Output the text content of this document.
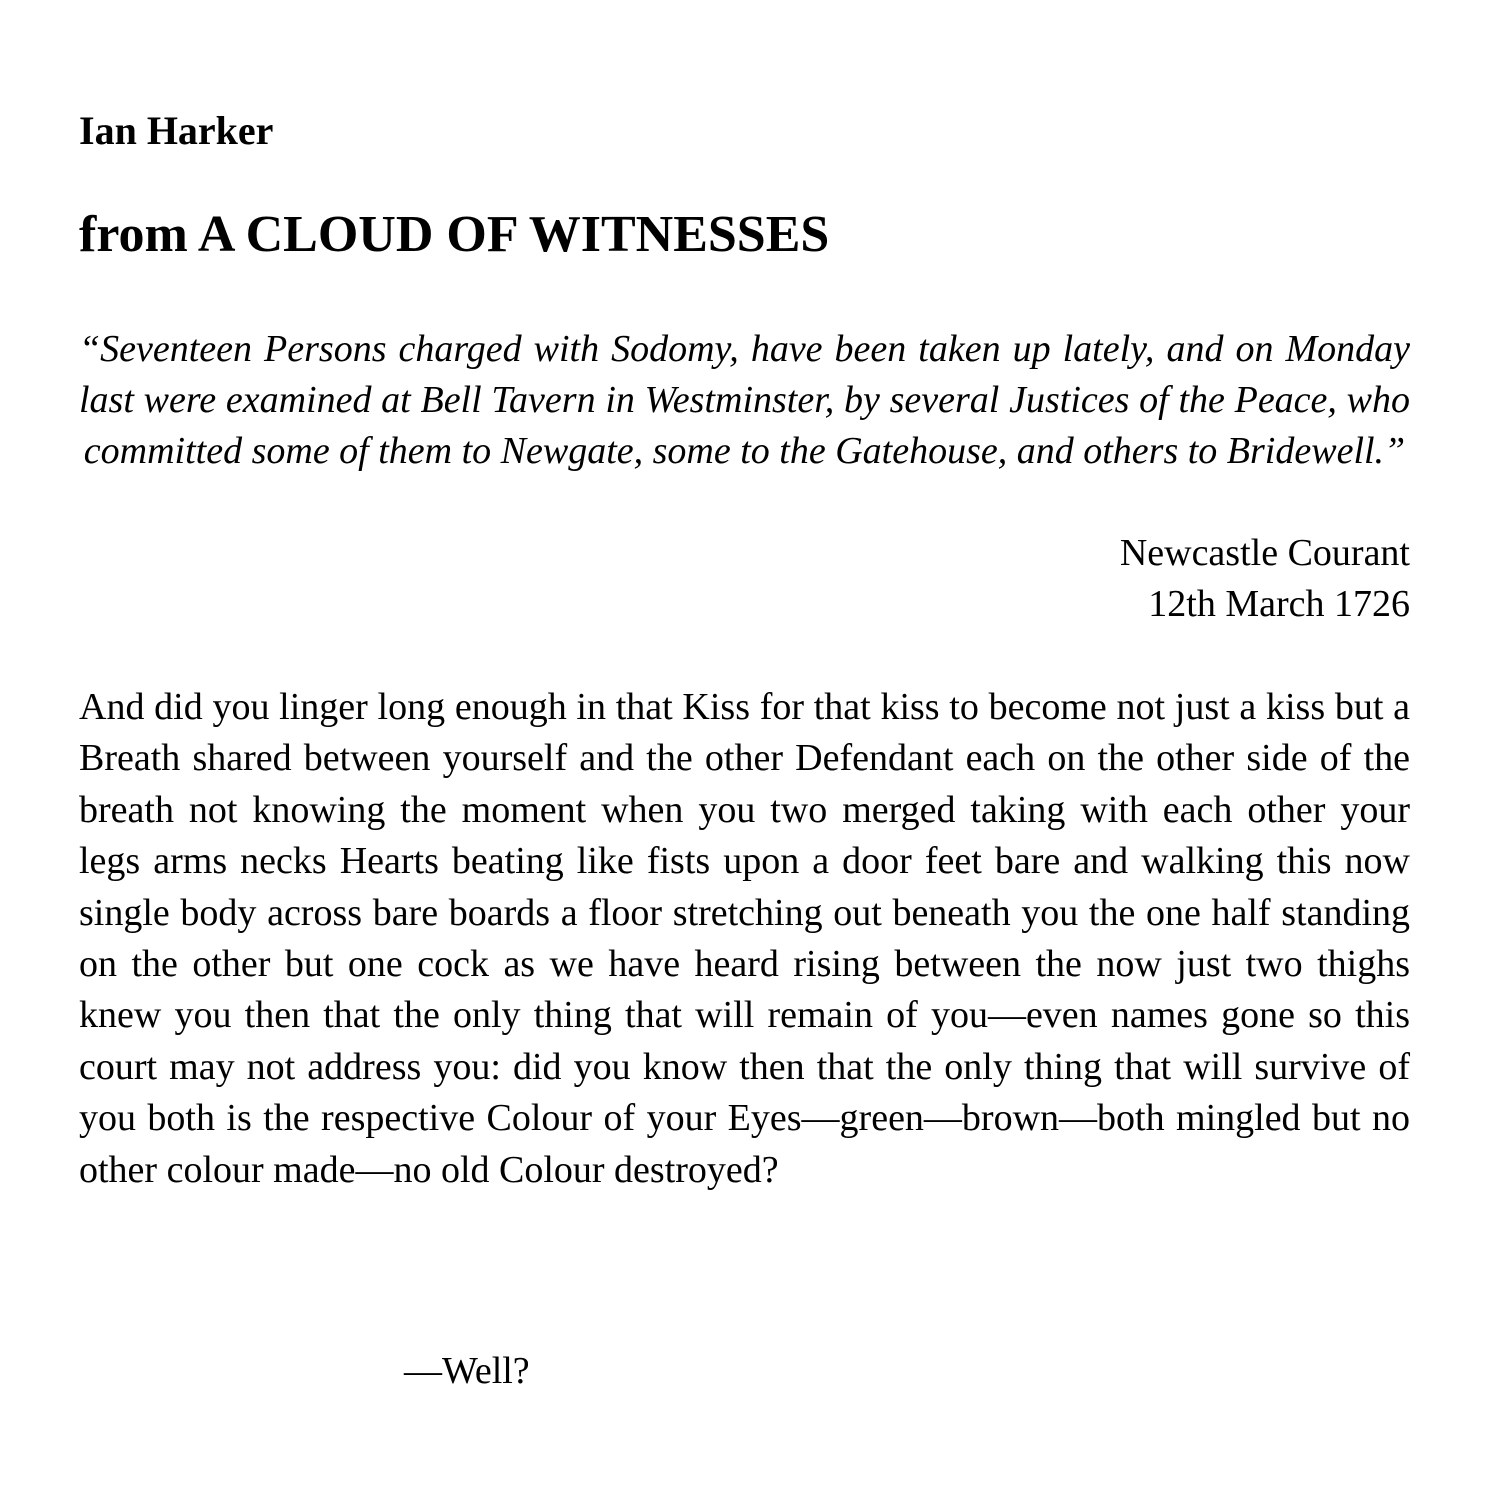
Ian Harker
from A CLOUD OF WITNESSES

“Seventeen Persons charged with Sodomy, have been taken up lately, and on Monday last were examined at Bell Tavern in Westminster, by several Justices of the Peace, who committed some of them to Newgate, some to the Gatehouse, and others to Bridewell.”

Newcastle Courant
12th March 1726

And did you linger long enough in that Kiss for that kiss to become not just a kiss but a Breath shared between yourself and the other Defendant each on the other side of the breath not knowing the moment when you two merged taking with each other your legs arms necks Hearts beating like fists upon a door feet bare and walking this now single body across bare boards a floor stretching out beneath you the one half standing on the other but one cock as we have heard rising between the now just two thighs knew you then that the only thing that will remain of you—even names gone so this court may not address you: did you know then that the only thing that will survive of you both is the respective Colour of your Eyes—green—brown—both mingled but no other colour made—no old Colour destroyed?

—Well?
